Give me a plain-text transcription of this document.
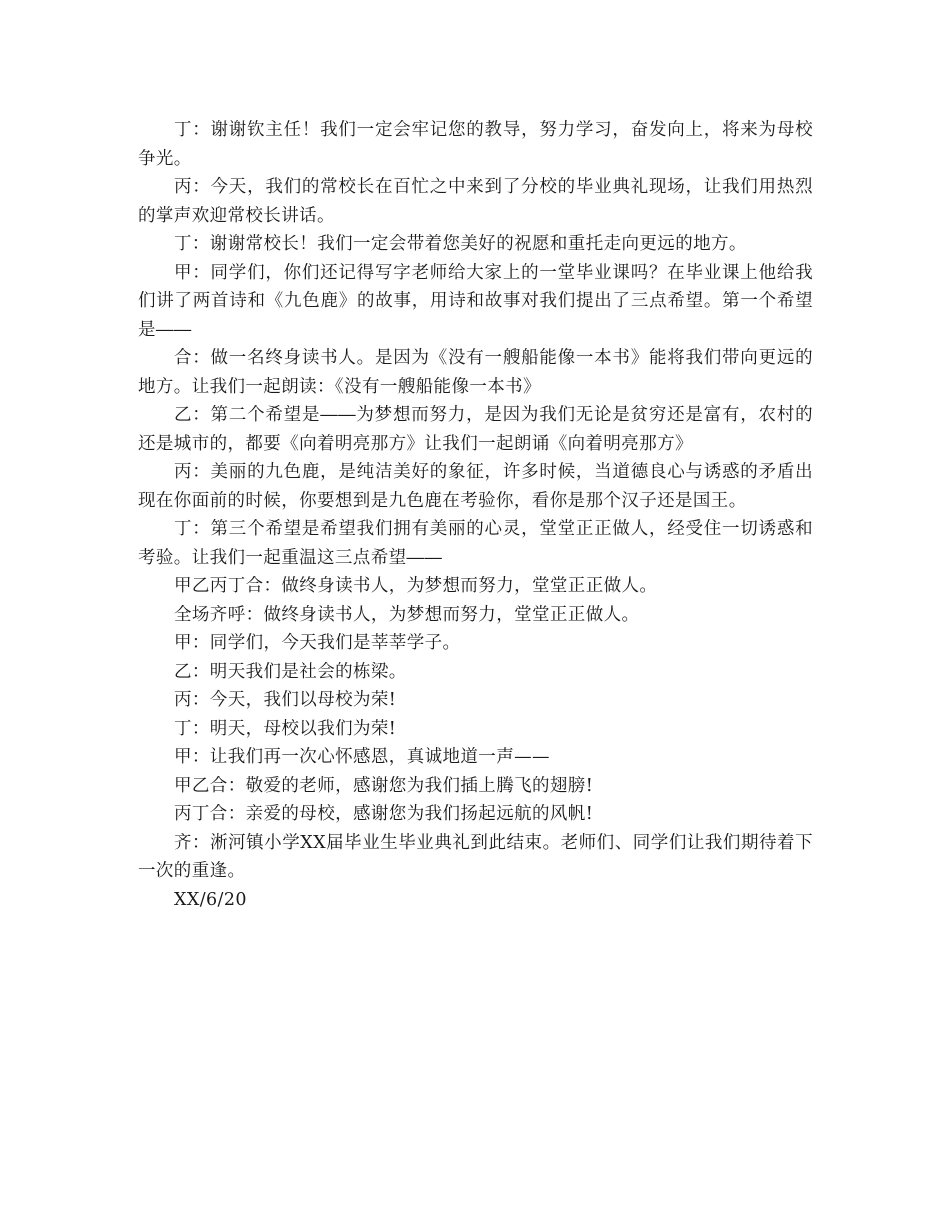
丁：谢谢钦主任！我们一定会牢记您的教导，努力学习，奋发向上，将来为母校争光。

丙：今天，我们的常校长在百忙之中来到了分校的毕业典礼现场，让我们用热烈的掌声欢迎常校长讲话。

丁：谢谢常校长！我们一定会带着您美好的祝愿和重托走向更远的地方。

甲：同学们，你们还记得写字老师给大家上的一堂毕业课吗？在毕业课上他给我们讲了两首诗和《九色鹿》的故事，用诗和故事对我们提出了三点希望。第一个希望是――

合：做一名终身读书人。是因为《没有一艘船能像一本书》能将我们带向更远的地方。让我们一起朗读：《没有一艘船能像一本书》

乙：第二个希望是――为梦想而努力，是因为我们无论是贫穷还是富有，农村的还是城市的，都要《向着明亮那方》让我们一起朗诵《向着明亮那方》

丙：美丽的九色鹿，是纯洁美好的象征，许多时候，当道德良心与诱惑的矛盾出现在你面前的时候，你要想到是九色鹿在考验你，看你是那个汉子还是国王。

丁：第三个希望是希望我们拥有美丽的心灵，堂堂正正做人，经受住一切诱惑和考验。让我们一起重温这三点希望――

甲乙丙丁合：做终身读书人，为梦想而努力，堂堂正正做人。

全场齐呼：做终身读书人，为梦想而努力，堂堂正正做人。

甲：同学们，今天我们是莘莘学子。

乙：明天我们是社会的栋梁。

丙：今天，我们以母校为荣!

丁：明天，母校以我们为荣!

甲：让我们再一次心怀感恩，真诚地道一声——

甲乙合：敬爱的老师，感谢您为我们插上腾飞的翅膀!

丙丁合：亲爱的母校，感谢您为我们扬起远航的风帆!

齐：淅河镇小学XX届毕业生毕业典礼到此结束。老师们、同学们让我们期待着下一次的重逢。

XX/6/20
